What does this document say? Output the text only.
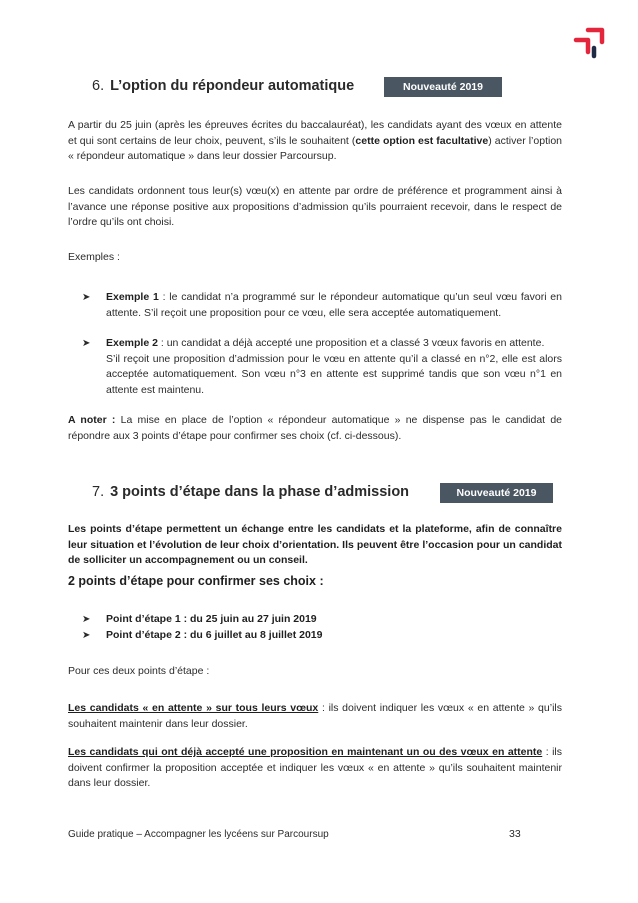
6. L’option du répondeur automatique	Nouveauté 2019

A partir du 25 juin (après les épreuves écrites du baccalauréat), les candidats ayant des vœux en attente et qui sont certains de leur choix, peuvent, s’ils le souhaitent (cette option est facultative) activer l’option « répondeur automatique » dans leur dossier Parcoursup.

Les candidats ordonnent tous leur(s) vœu(x) en attente par ordre de préférence et programment ainsi à l’avance une réponse positive aux propositions d’admission qu’ils pourraient recevoir, dans le respect de l’ordre qu’ils ont choisi.

Exemples :

➤	Exemple 1 : le candidat n’a programmé sur le répondeur automatique qu’un seul vœu favori en attente. S’il reçoit une proposition pour ce vœu, elle sera acceptée automatiquement.
➤	Exemple 2 : un candidat a déjà accepté une proposition et a classé 3 vœux favoris en attente.
S’il reçoit une proposition d’admission pour le vœu en attente qu’il a classé en n°2, elle est alors acceptée automatiquement. Son vœu n°3 en attente est supprimé tandis que son vœu n°1 en attente est maintenu.

A noter : La mise en place de l’option « répondeur automatique » ne dispense pas le candidat de répondre aux 3 points d’étape pour confirmer ses choix (cf. ci-dessous).

7. 3 points d’étape dans la phase d’admission	Nouveauté 2019

Les points d’étape permettent un échange entre les candidats et la plateforme, afin de connaître leur situation et l’évolution de leur choix d’orientation. Ils peuvent être l’occasion pour un candidat de solliciter un accompagnement ou un conseil.

2 points d’étape pour confirmer ses choix :

➤	Point d’étape 1 : du 25 juin au 27 juin 2019
➤	Point d’étape 2 : du 6 juillet au 8 juillet 2019

Pour ces deux points d’étape :

Les candidats « en attente » sur tous leurs vœux : ils doivent indiquer les vœux « en attente » qu’ils souhaitent maintenir dans leur dossier.

Les candidats qui ont déjà accepté une proposition en maintenant un ou des vœux en attente : ils doivent confirmer la proposition acceptée et indiquer les vœux « en attente » qu’ils souhaitent maintenir dans leur dossier.

Guide pratique – Accompagner les lycéens sur Parcoursup	33
